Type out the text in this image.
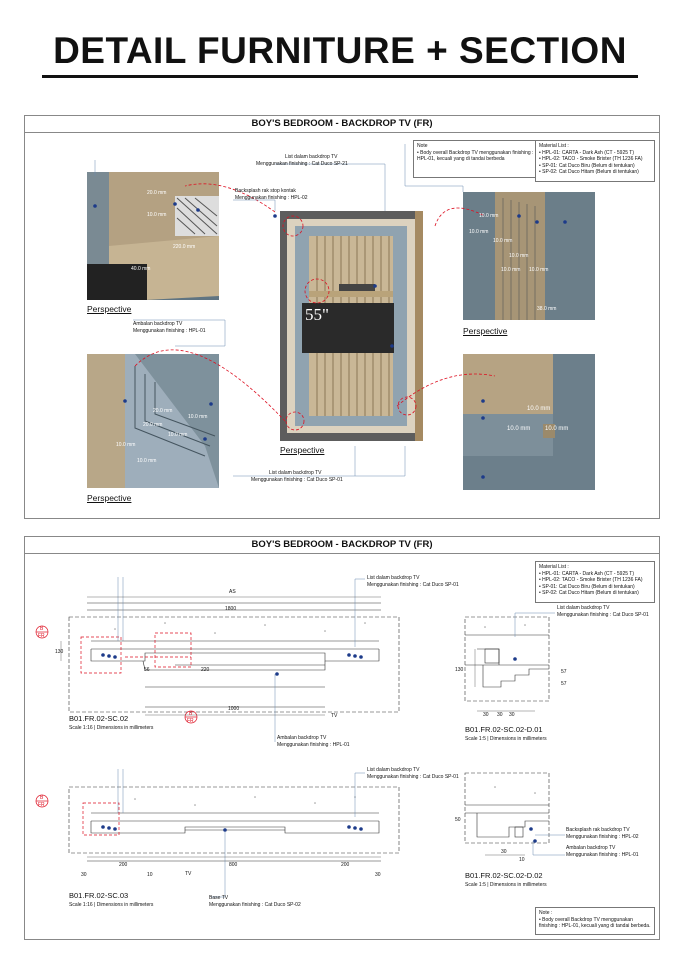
DETAIL FURNITURE + SECTION
BOY'S BEDROOM - BACKDROP TV (FR)

Note

• Body overall Backdrop TV menggunakan finishing : HPL-01, kecuali yang di tandai berbeda

Material List :

• HPL-01: CARTA - Dark Ash (CT - 5925 T)

• HPL-02: TACO - Smoke Brixter (TH 1236 FA)

• SP-01: Cat Duco Biru (Belum di tentukan)

• SP-02: Cat Duco Hitam (Belum di tentukan)

List dalam backdrop TV
Menggunakan finishing : Cat Duco SP-21
Backsplash rak stop kontak
Menggunakan finishing : HPL-02
Ambalan backdrop TV
Menggunakan finishing : HPL-01
List dalam backdrop TV
Menggunakan finishing : Cat Duco SP-01
55"
Perspective
Perspective
Perspective
Perspective
20.0 mm
10.0 mm
220.0 mm
40.0 mm
10.0 mm
10.0 mm
10.0 mm
10.0 mm
10.0 mm 10.0 mm
38.0 mm
20.0 mm
10.0 mm
20.0 mm
10.0 mm
10.0 mm
10.0 mm
10.0 mm
10.0 mm 10.0 mm
BOY'S BEDROOM - BACKDROP TV (FR)

Material List :

• HPL-01: CARTA - Dark Ash (CT - 5925 T)

• HPL-02: TACO - Smoke Brixter (TH 1236 FA)

• SP-01: Cat Duco Biru (Belum di tentukan)

• SP-02: Cat Duco Hitam (Belum di tentukan)

List dalam backdrop TV
Menggunakan finishing : Cat Duco SP-01
List dalam backdrop TV
Menggunakan finishing : Cat Duco SP-01
List dalam backdrop TV
Menggunakan finishing : Cat Duco SP-01
Ambalan backdrop TV
Menggunakan finishing : HPL-01
Backsplash rak backdrop TV
Menggunakan finishing : HPL-02
Ambalan backdrop TV
Menggunakan finishing : HPL-01
Base TV
Menggunakan finishing : Cat Duco SP-02
TV
TV
AS
1800
130
1000
220
56
200	800	200
10
30	30
30 30 30
57
57
130
10
50
30
B01.FR.02-SC.02
Scale 1:16 | Dimensions in millimeters
B01.FR.02-SC.03
Scale 1:16 | Dimensions in millimeters
B01.FR.02-SC.02-D.01
Scale 1:5 | Dimensions in millimeters
B01.FR.02-SC.02-D.02
Scale 1:5 | Dimensions in millimeters
B
FR
B
FR
B
FR

Note :

• Body overall Backdrop TV menggunakan finishing : HPL-01, kecuali yang di tandai berbeda.
